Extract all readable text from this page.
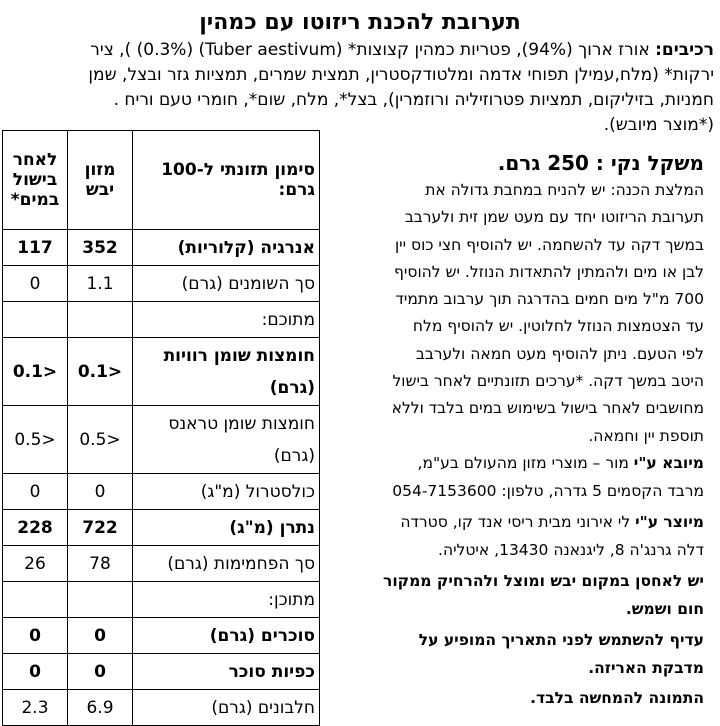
תערובת להכנת ריזוטו עם כמהין
רכיבים: אורז ארוך (94%), פטריות כמהין קצוצות* (Tuber aestivum) (0.3%) ), ציר
ירקות* (מלח,עמילן תפוחי אדמה ומלטודקסטרין, תמצית שמרים, תמציות גזר ובצל, שמן
חמניות, בזיליקום, תמציות פטרוזיליה ורוזמרין), בצל*, מלח, שום*, חומרי טעם וריח .
(*מוצר מיובש).
סימון תזונתי ל-100 גרם:	מזון יבש	לאחר בישול במים*
אנרגיה (קלוריות)	352	117
סך השומנים (גרם)	1.1	0
מתוכם:		
חומצות שומן רוויות (גרם)	0.1>	0.1>
חומצות שומן טראנס (גרם)	0.5>	0.5>
כולסטרול (מ"ג)	0	0
נתרן (מ"ג)	722	228
סך הפחמימות (גרם)	78	26
מתוכן:		
סוכרים (גרם)	0	0
כפיות סוכר	0	0
חלבונים (גרם)	6.9	2.3
משקל נקי : 250 גרם.
המלצת הכנה: יש להניח במחבת גדולה את
תערובת הריזוטו יחד עם מעט שמן זית ולערבב
במשך דקה עד להשחמה. יש להוסיף חצי כוס יין
לבן או מים ולהמתין להתאדות הנוזל. יש להוסיף
700 מ"ל מים חמים בהדרגה תוך ערבוב מתמיד
עד הצטמצות הנוזל לחלוטין. יש להוסיף מלח
לפי הטעם. ניתן להוסיף מעט חמאה ולערבב
היטב במשך דקה. *ערכים תזונתיים לאחר בישול
מחושבים לאחר בישול בשימוש במים בלבד וללא
תוספת יין וחמאה.
מיובא ע"י מור – מוצרי מזון מהעולם בע"מ,
מרבד הקסמים 5 גדרה, טלפון: 054-7153600
מיוצר ע"י לי אירוני מבית ריסי אנד קו, סטרדה
דלה גרנג'ה 8, ליגנאנה 13430, איטליה.
יש לאחסן במקום יבש ומוצל ולהרחיק ממקור
חום ושמש.
עדיף להשתמש לפני התאריך המופיע על
מדבקת האריזה.
התמונה להמחשה בלבד.
